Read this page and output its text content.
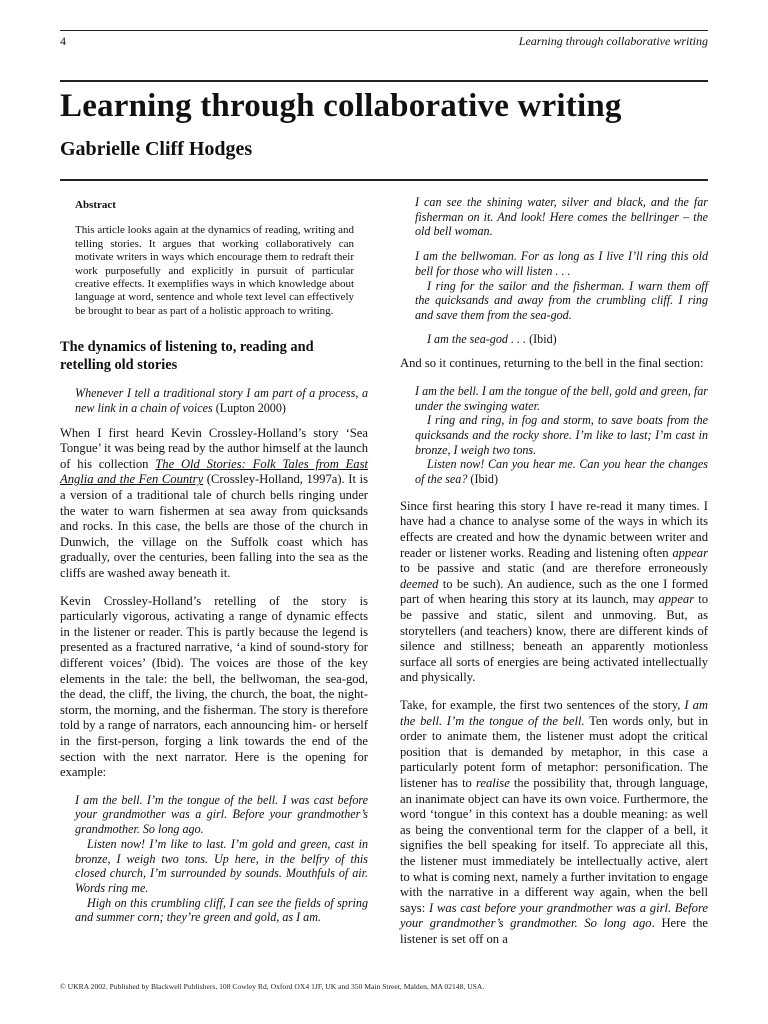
4	Learning through collaborative writing
Learning through collaborative writing
Gabrielle Cliff Hodges
Abstract

This article looks again at the dynamics of reading, writing and telling stories. It argues that working collaboratively can motivate writers in ways which encourage them to redraft their work purposefully and explicitly in pursuit of particular creative effects. It exemplifies ways in which knowledge about language at word, sentence and whole text level can effectively be brought to bear as part of a holistic approach to writing.

The dynamics of listening to, reading and retelling old stories

Whenever I tell a traditional story I am part of a process, a new link in a chain of voices (Lupton 2000)

When I first heard Kevin Crossley-Holland’s story ‘Sea Tongue’ it was being read by the author himself at the launch of his collection The Old Stories: Folk Tales from East Anglia and the Fen Country (Crossley-Holland, 1997a). It is a version of a traditional tale of church bells ringing under the water to warn fishermen at sea away from quicksands and rocks. In this case, the bells are those of the church in Dunwich, the village on the Suffolk coast which has gradually, over the centuries, been falling into the sea as the cliffs are washed away beneath it.

Kevin Crossley-Holland’s retelling of the story is particularly vigorous, activating a range of dynamic effects in the listener or reader. This is partly because the legend is presented as a fractured narrative, ‘a kind of sound-story for different voices’ (Ibid). The voices are those of the key elements in the tale: the bell, the bellwoman, the sea-god, the dead, the cliff, the living, the church, the boat, the night-storm, the morning, and the fisherman. The story is therefore told by a range of narrators, each announcing him- or herself in the first-person, forging a link towards the end of the section with the next narrator. Here is the opening for example:

I am the bell. I’m the tongue of the bell. I was cast before your grandmother was a girl. Before your grandmother’s grandmother. So long ago.

Listen now! I’m like to last. I’m gold and green, cast in bronze, I weigh two tons. Up here, in the belfry of this closed church, I’m surrounded by sounds. Mouthfuls of air. Words ring me.

High on this crumbling cliff, I can see the fields of spring and summer corn; they’re green and gold, as I am.

I can see the shining water, silver and black, and the far fisherman on it. And look! Here comes the bellringer – the old bell woman.

I am the bellwoman. For as long as I live I’ll ring this old bell for those who will listen . . .

I ring for the sailor and the fisherman. I warn them off the quicksands and away from the crumbling cliff. I ring and save them from the sea-god.

I am the sea-god . . . (Ibid)

And so it continues, returning to the bell in the final section:

I am the bell. I am the tongue of the bell, gold and green, far under the swinging water.

I ring and ring, in fog and storm, to save boats from the quicksands and the rocky shore. I’m like to last; I’m cast in bronze, I weigh two tons.

Listen now! Can you hear me. Can you hear the changes of the sea? (Ibid)

Since first hearing this story I have re-read it many times. I have had a chance to analyse some of the ways in which its effects are created and how the dynamic between writer and reader or listener works. Reading and listening often appear to be passive and static (and are therefore erroneously deemed to be such). An audience, such as the one I formed part of when hearing this story at its launch, may appear to be passive and static, silent and unmoving. But, as storytellers (and teachers) know, there are different kinds of silence and stillness; beneath an apparently motionless surface all sorts of energies are being activated intellectually and physically.

Take, for example, the first two sentences of the story, I am the bell. I’m the tongue of the bell. Ten words only, but in order to animate them, the listener must adopt the critical position that is demanded by metaphor, in this case a particularly potent form of metaphor: personification. The listener has to realise the possibility that, through language, an inanimate object can have its own voice. Furthermore, the word ‘tongue’ in this context has a double meaning: as well as being the conventional term for the clapper of a bell, it signifies the bell speaking for itself. To appreciate all this, the listener must immediately be intellectually active, alert to what is coming next, namely a further invitation to engage with the narrative in a different way again, when the bell says: I was cast before your grandmother was a girl. Before your grandmother’s grandmother. So long ago. Here the listener is set off on a

© UKRA 2002. Published by Blackwell Publishers, 108 Cowley Rd, Oxford OX4 1JF, UK and 350 Main Street, Malden, MA 02148, USA.
